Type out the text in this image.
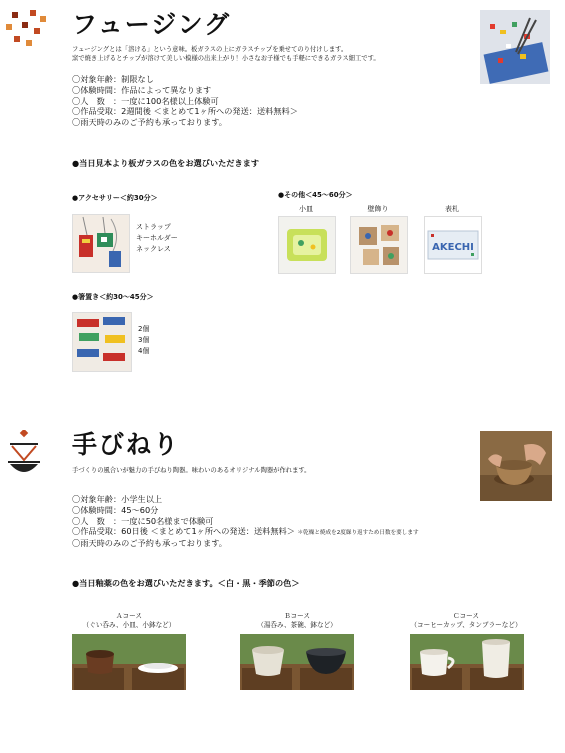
フュージング
フュージングとは「溶ける」という意味。板ガラスの上にガラスチップを乗せてのり付けします。
窯で焼き上げるとチップが溶けて美しい模様の出来上がり！小さなお子様でも手軽にできるガラス細工です。
〇対象年齢：制限なし
〇体験時間：作品によって異なります
〇人　数　：一度に100名様以上体験可
〇作品受取：2週間後 ＜まとめて1ヶ所への発送：送料無料＞
〇雨天時のみのご予約も承っております。
●当日見本より板ガラスの色をお選びいただきます
●アクセサリー＜約30分＞
ストラップ
キーホルダー
ネックレス
●その他＜45～60分＞
小皿	壁飾り	表札
AKECHI
●箸置き＜約30～45分＞
2個
3個
4個
手びねり
手づくりの風合いが魅力の手びねり陶器。味わいのあるオリジナル陶器が作れます。
〇対象年齢：小学生以上
〇体験時間：45～60分
〇人　数　：一度に50名様まで体験可
〇作品受取：60日後 ＜まとめて1ヶ所への発送：送料無料＞ ＊乾燥と焼成を2度繰り返すため日数を要します
〇雨天時のみのご予約も承っております。
●当日釉薬の色をお選びいただきます。＜白・黒・季節の色＞
Ａコース
（ぐい呑み、小皿、小鉢など）
Ｂコース
（湯呑み、茶碗、鉢など）
Ｃコース
（コーヒーカップ、タンブラーなど）
